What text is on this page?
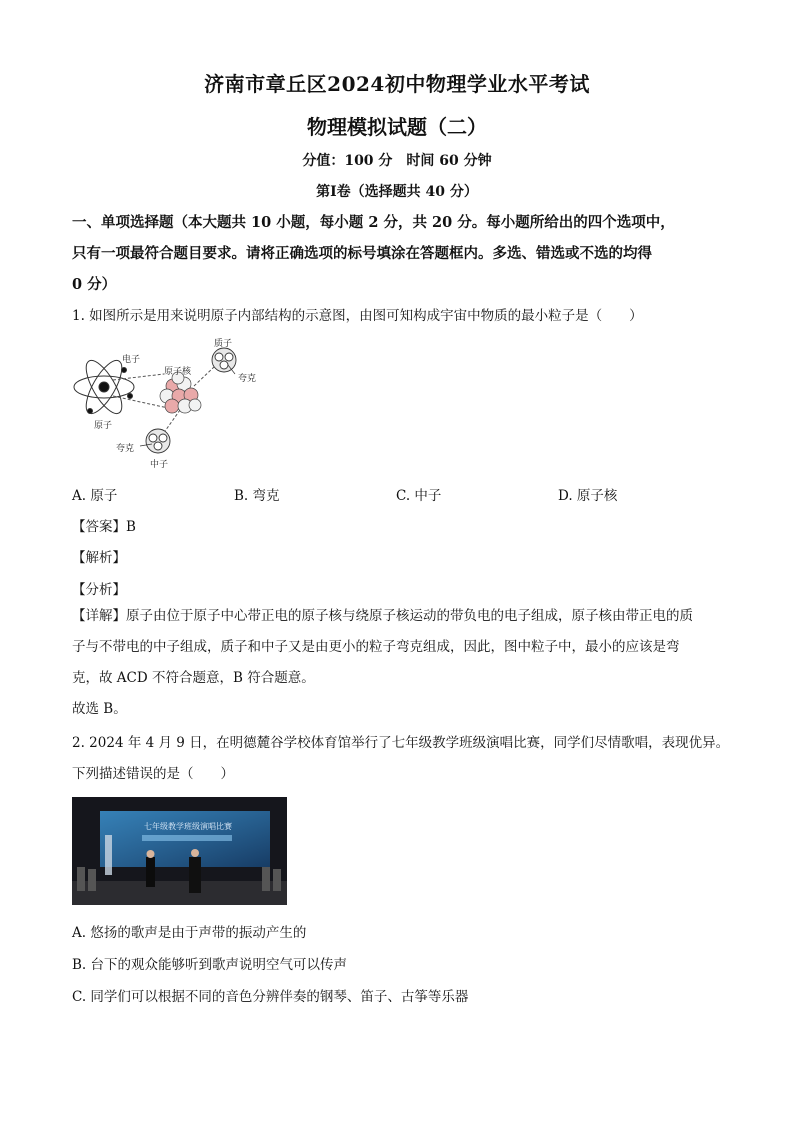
济南市章丘区2024初中物理学业水平考试
物理模拟试题（二）
分值：100 分　时间 60 分钟
第Ⅰ卷（选择题共 40 分）
一、单项选择题（本大题共 10 小题，每小题 2 分，共 20 分。每小题所给出的四个选项中，
只有一项最符合题目要求。请将正确选项的标号填涂在答题框内。多选、错选或不选的均得
0 分）
1. 如图所示是用来说明原子内部结构的示意图，由图可知构成宇宙中物质的最小粒子是（　　）
电子
原子核
质子
夸克
原子
夸克
中子
A. 原子	B. 弯克	C. 中子	D. 原子核
【答案】B
【解析】
【分析】
【详解】原子由位于原子中心带正电的原子核与绕原子核运动的带负电的电子组成，原子核由带正电的质
子与不带电的中子组成，质子和中子又是由更小的粒子弯克组成，因此，图中粒子中，最小的应该是弯
克，故 ACD 不符合题意，B 符合题意。
故选 B。
2. 2024 年 4 月 9 日，在明德麓谷学校体育馆举行了七年级教学班级演唱比赛，同学们尽情歌唱，表现优异。
下列描述错误的是（　　）
七年级教学班级演唱比赛
A. 悠扬的歌声是由于声带的振动产生的
B. 台下的观众能够听到歌声说明空气可以传声
C. 同学们可以根据不同的音色分辨伴奏的钢琴、笛子、古筝等乐器
